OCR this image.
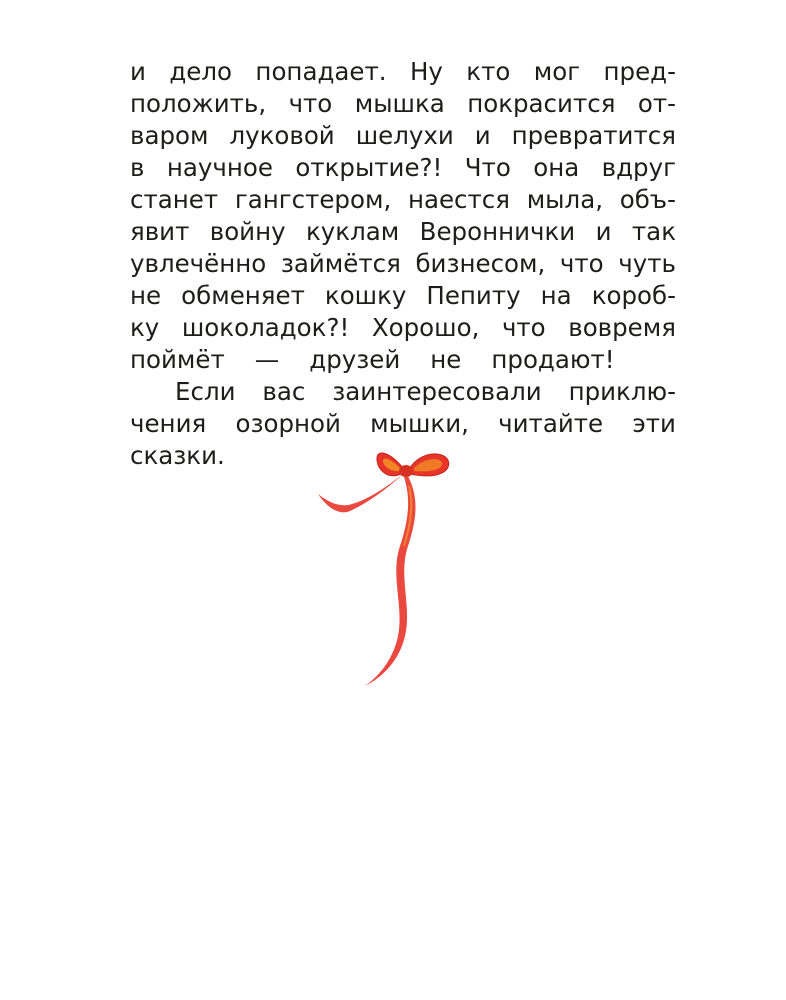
и дело попадает. Ну кто мог пред-
положить, что мышка покрасится от-
варом луковой шелухи и превратится
в научное открытие?! Что она вдруг
станет гангстером, наестся мыла, объ-
явит войну куклам Вероннички и так
увлечённо займётся бизнесом, что чуть
не обменяет кошку Пепиту на короб-
ку шоколадок?! Хорошо, что вовремя
поймёт — друзей не продают!
Если вас заинтересовали приклю-
чения озорной мышки, читайте эти
сказки.
